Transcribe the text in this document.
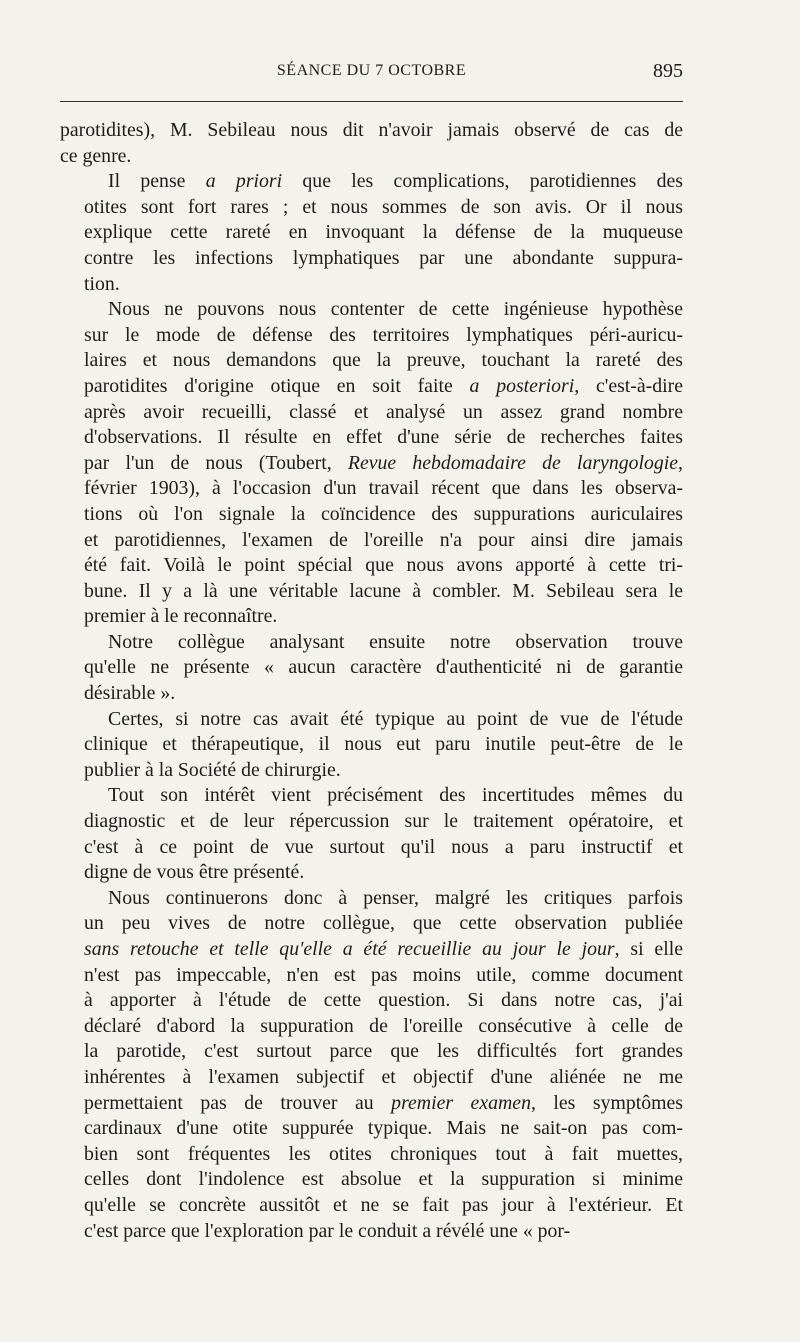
SÉANCE DU 7 OCTOBRE	895

parotidites), M. Sebileau nous dit n'avoir jamais observé de cas de
ce genre.

Il pense a priori que les complications, parotidiennes des
otites sont fort rares ; et nous sommes de son avis. Or il nous
explique cette rareté en invoquant la défense de la muqueuse
contre les infections lymphatiques par une abondante suppura-
tion.

Nous ne pouvons nous contenter de cette ingénieuse hypothèse
sur le mode de défense des territoires lymphatiques péri-auricu-
laires et nous demandons que la preuve, touchant la rareté des
parotidites d'origine otique en soit faite a posteriori, c'est-à-dire
après avoir recueilli, classé et analysé un assez grand nombre
d'observations. Il résulte en effet d'une série de recherches faites
par l'un de nous (Toubert, Revue hebdomadaire de laryngologie,
février 1903), à l'occasion d'un travail récent que dans les observa-
tions où l'on signale la coïncidence des suppurations auriculaires
et parotidiennes, l'examen de l'oreille n'a pour ainsi dire jamais
été fait. Voilà le point spécial que nous avons apporté à cette tri-
bune. Il y a là une véritable lacune à combler. M. Sebileau sera le
premier à le reconnaître.

Notre collègue analysant ensuite notre observation trouve
qu'elle ne présente « aucun caractère d'authenticité ni de garantie
désirable ».

Certes, si notre cas avait été typique au point de vue de l'étude
clinique et thérapeutique, il nous eut paru inutile peut-être de le
publier à la Société de chirurgie.

Tout son intérêt vient précisément des incertitudes mêmes du
diagnostic et de leur répercussion sur le traitement opératoire, et
c'est à ce point de vue surtout qu'il nous a paru instructif et
digne de vous être présenté.

Nous continuerons donc à penser, malgré les critiques parfois
un peu vives de notre collègue, que cette observation publiée
sans retouche et telle qu'elle a été recueillie au jour le jour, si elle
n'est pas impeccable, n'en est pas moins utile, comme document
à apporter à l'étude de cette question. Si dans notre cas, j'ai
déclaré d'abord la suppuration de l'oreille consécutive à celle de
la parotide, c'est surtout parce que les difficultés fort grandes
inhérentes à l'examen subjectif et objectif d'une aliénée ne me
permettaient pas de trouver au premier examen, les symptômes
cardinaux d'une otite suppurée typique. Mais ne sait-on pas com-
bien sont fréquentes les otites chroniques tout à fait muettes,
celles dont l'indolence est absolue et la suppuration si minime
qu'elle se concrète aussitôt et ne se fait pas jour à l'extérieur. Et
c'est parce que l'exploration par le conduit a révélé une « por-
